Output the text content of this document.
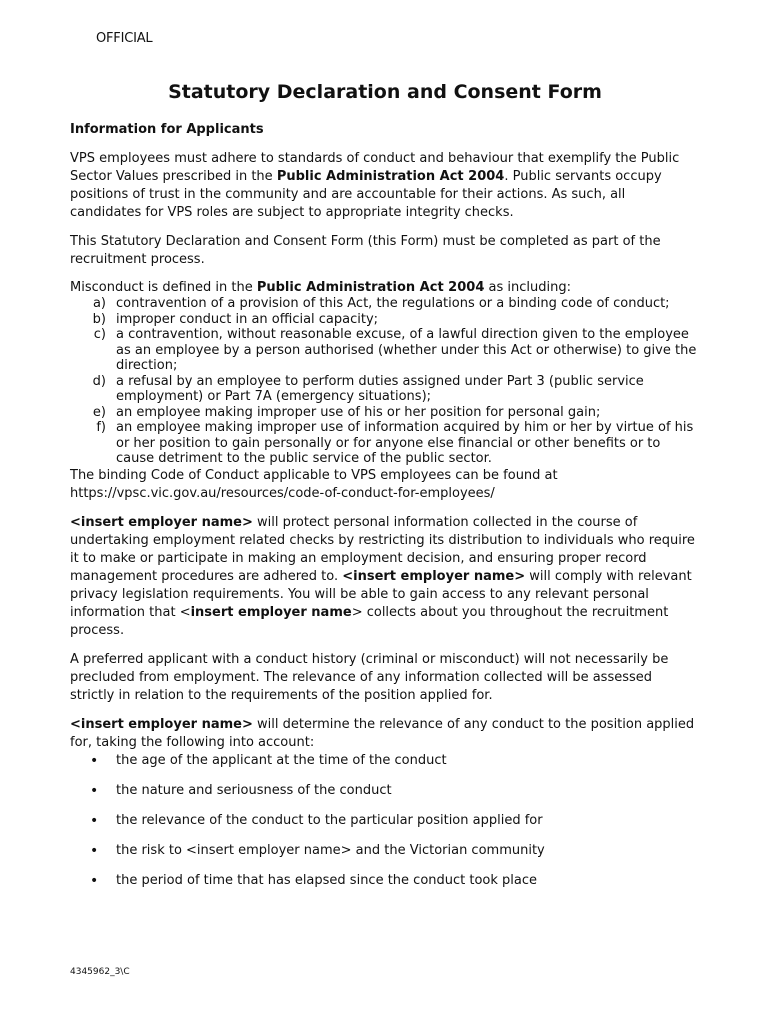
OFFICIAL
Statutory Declaration and Consent Form

Information for Applicants

VPS employees must adhere to standards of conduct and behaviour that exemplify the Public Sector Values prescribed in the Public Administration Act 2004. Public servants occupy positions of trust in the community and are accountable for their actions. As such, all candidates for VPS roles are subject to appropriate integrity checks.

This Statutory Declaration and Consent Form (this Form) must be completed as part of the recruitment process.

Misconduct is defined in the Public Administration Act 2004 as including:
a) contravention of a provision of this Act, the regulations or a binding code of conduct;
b) improper conduct in an official capacity;
c) a contravention, without reasonable excuse, of a lawful direction given to the employee as an employee by a person authorised (whether under this Act or otherwise) to give the direction;
d) a refusal by an employee to perform duties assigned under Part 3 (public service employment) or Part 7A (emergency situations);
e) an employee making improper use of his or her position for personal gain;
f) an employee making improper use of information acquired by him or her by virtue of his or her position to gain personally or for anyone else financial or other benefits or to cause detriment to the public service of the public sector.

The binding Code of Conduct applicable to VPS employees can be found at
https://vpsc.vic.gov.au/resources/code-of-conduct-for-employees/

<insert employer name> will protect personal information collected in the course of undertaking employment related checks by restricting its distribution to individuals who require it to make or participate in making an employment decision, and ensuring proper record management procedures are adhered to. <insert employer name> will comply with relevant privacy legislation requirements. You will be able to gain access to any relevant personal information that <insert employer name> collects about you throughout the recruitment process.

A preferred applicant with a conduct history (criminal or misconduct) will not necessarily be precluded from employment. The relevance of any information collected will be assessed strictly in relation to the requirements of the position applied for.

<insert employer name> will determine the relevance of any conduct to the position applied for, taking the following into account:
• the age of the applicant at the time of the conduct
• the nature and seriousness of the conduct
• the relevance of the conduct to the particular position applied for
• the risk to <insert employer name> and the Victorian community
• the period of time that has elapsed since the conduct took place
4345962_3\C
